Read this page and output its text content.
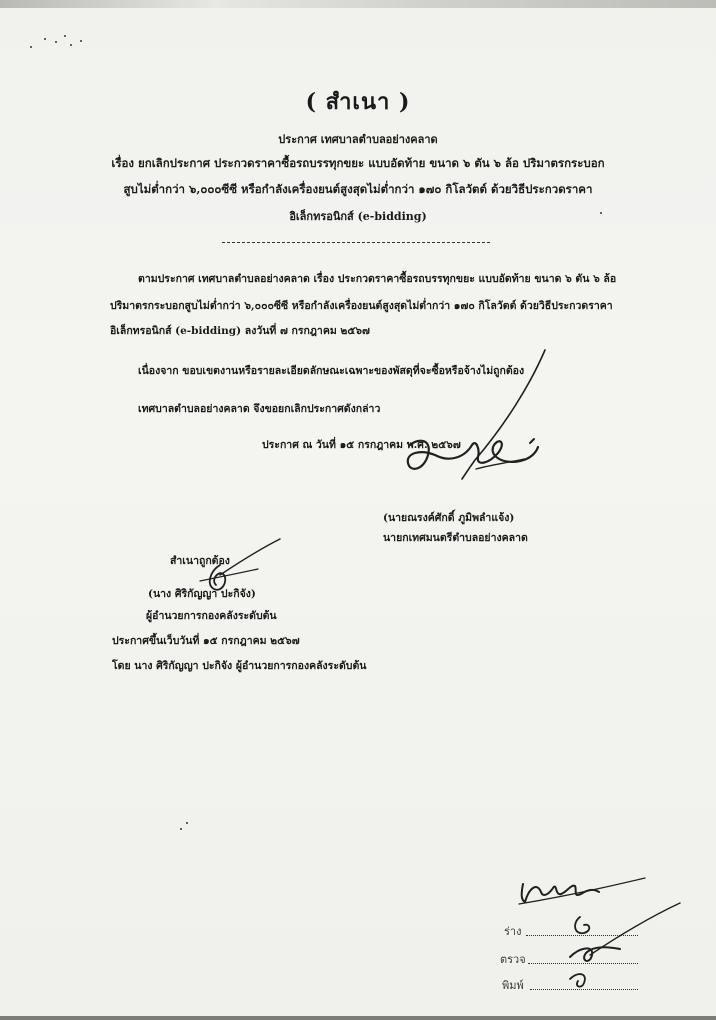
( สำเนา )
ประกาศ เทศบาลตำบลอย่างคลาด
เรื่อง ยกเลิกประกาศ ประกวดราคาซื้อรถบรรทุกขยะ แบบอัดท้าย ขนาด ๖ ตัน ๖ ล้อ ปริมาตรกระบอก
สูบไม่ต่ำกว่า ๖,๐๐๐ซีซี หรือกำลังเครื่องยนต์สูงสุดไม่ต่ำกว่า ๑๗๐ กิโลวัตต์ ด้วยวิธีประกวดราคา
อิเล็กทรอนิกส์ (e-bidding)
ตามประกาศ เทศบาลตำบลอย่างคลาด เรื่อง ประกวดราคาซื้อรถบรรทุกขยะ แบบอัดท้าย ขนาด ๖ ตัน ๖ ล้อ
ปริมาตรกระบอกสูบไม่ต่ำกว่า ๖,๐๐๐ซีซี หรือกำลังเครื่องยนต์สูงสุดไม่ต่ำกว่า ๑๗๐ กิโลวัตต์ ด้วยวิธีประกวดราคา
อิเล็กทรอนิกส์ (e-bidding) ลงวันที่ ๗ กรกฎาคม ๒๕๖๗
เนื่องจาก ขอบเขตงานหรือรายละเอียดลักษณะเฉพาะของพัสดุที่จะซื้อหรือจ้างไม่ถูกต้อง
เทศบาลตำบลอย่างคลาด จึงขอยกเลิกประกาศดังกล่าว
ประกาศ ณ วันที่ ๑๕ กรกฎาคม พ.ศ. ๒๕๖๗
(นายณรงค์ศักดิ์ ภูมิพลำแจ้ง)
นายกเทศมนตรีตำบลอย่างคลาด
สำเนาถูกต้อง
(นาง ศิริกัญญา ปะกิจัง)
ผู้อำนวยการกองคลังระดับต้น
ประกาศขึ้นเว็บวันที่ ๑๕ กรกฎาคม ๒๕๖๗
โดย นาง ศิริกัญญา ปะกิจัง ผู้อำนวยการกองคลังระดับต้น
ร่าง
ตรวจ
พิมพ์
